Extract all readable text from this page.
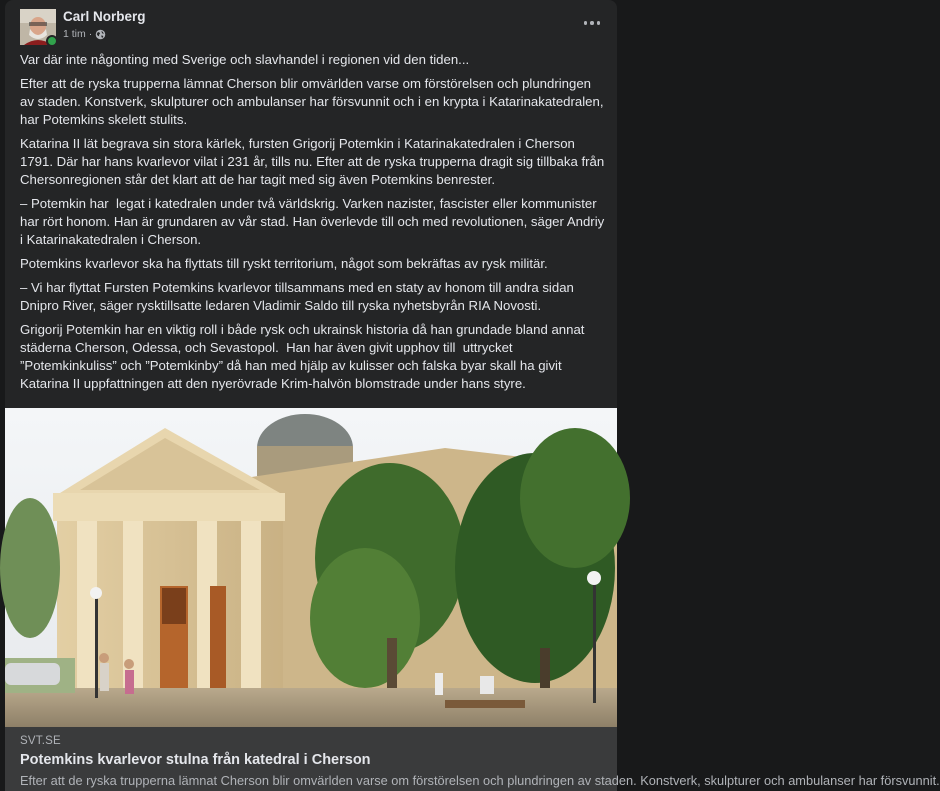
Carl Norberg
1 tim ·

Var där inte någonting med Sverige och slavhandel i regionen vid den tiden...

Efter att de ryska trupperna lämnat Cherson blir omvärlden varse om förstörelsen och plundringen av staden. Konstverk, skulpturer och ambulanser har försvunnit och i en krypta i Katarinakatedralen, har Potemkins skelett stulits.

Katarina II lät begrava sin stora kärlek, fursten Grigorij Potemkin i Katarinakatedralen i Cherson 1791. Där har hans kvarlevor vilat i 231 år, tills nu. Efter att de ryska trupperna dragit sig tillbaka från Chersonregionen står det klart att de har tagit med sig även Potemkins benrester.

– Potemkin har  legat i katedralen under två världskrig. Varken nazister, fascister eller kommunister har rört honom. Han är grundaren av vår stad. Han överlevde till och med revolutionen, säger Andriy i Katarinakatedralen i Cherson.

Potemkins kvarlevor ska ha flyttats till ryskt territorium, något som bekräftas av rysk militär.

– Vi har flyttat Fursten Potemkins kvarlevor tillsammans med en staty av honom till andra sidan Dnipro River, säger rysktillsatte ledaren Vladimir Saldo till ryska nyhetsbyrån RIA Novosti.

Grigorij Potemkin har en viktig roll i både rysk och ukrainsk historia då han grundade bland annat städerna Cherson, Odessa, och Sevastopol.  Han har även givit upphov till  uttrycket ”Potemkinkuliss” och ”Potemkinby” då han med hjälp av kulisser och falska byar skall ha givit Katarina II uppfattningen att den nyerövrade Krim-halvön blomstrade under hans styre.

SVT.SE
Potemkins kvarlevor stulna från katedral i Cherson
Efter att de ryska trupperna lämnat Cherson blir omvärlden varse om förstörelsen och plundringen av staden. Konstverk, skulpturer och ambulanser har försvunnit.
